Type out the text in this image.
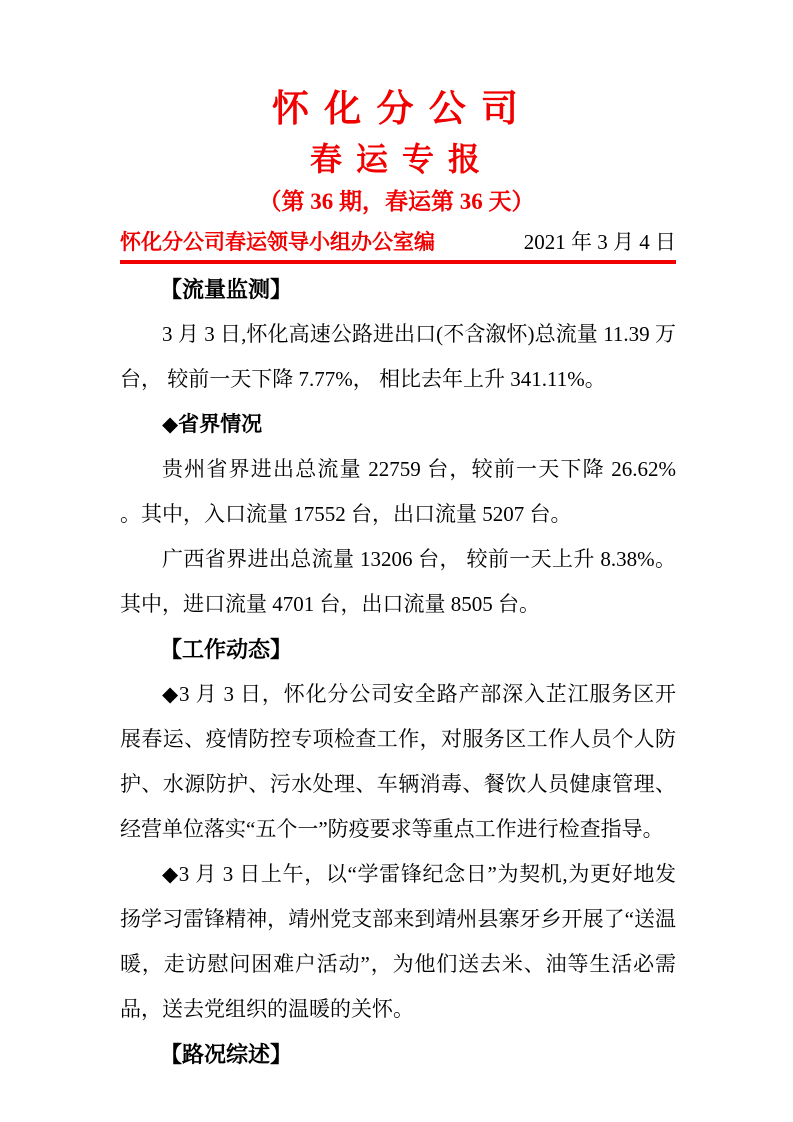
怀 化 分 公 司
春 运 专 报
（第 36 期，春运第 36 天）
怀化分公司春运领导小组办公室编	2021 年 3 月 4 日
【流量监测】

3 月 3 日,怀化高速公路进出口(不含溆怀)总流量 11.39 万台， 较前一天下降 7.77%， 相比去年上升 341.11%。

◆省界情况

贵州省界进出总流量 22759 台，较前一天下降 26.62% 。其中，入口流量 17552 台，出口流量 5207 台。

广西省界进出总流量 13206 台， 较前一天上升 8.38%。其中，进口流量 4701 台，出口流量 8505 台。

【工作动态】

◆3 月 3 日，怀化分公司安全路产部深入芷江服务区开展春运、疫情防控专项检查工作，对服务区工作人员个人防护、水源防护、污水处理、车辆消毒、餐饮人员健康管理、经营单位落实“五个一”防疫要求等重点工作进行检查指导。

◆3 月 3 日上午，以“学雷锋纪念日”为契机,为更好地发扬学习雷锋精神，靖州党支部来到靖州县寨牙乡开展了“送温暖，走访慰问困难户活动”，为他们送去米、油等生活必需品，送去党组织的温暖的关怀。

【路况综述】
